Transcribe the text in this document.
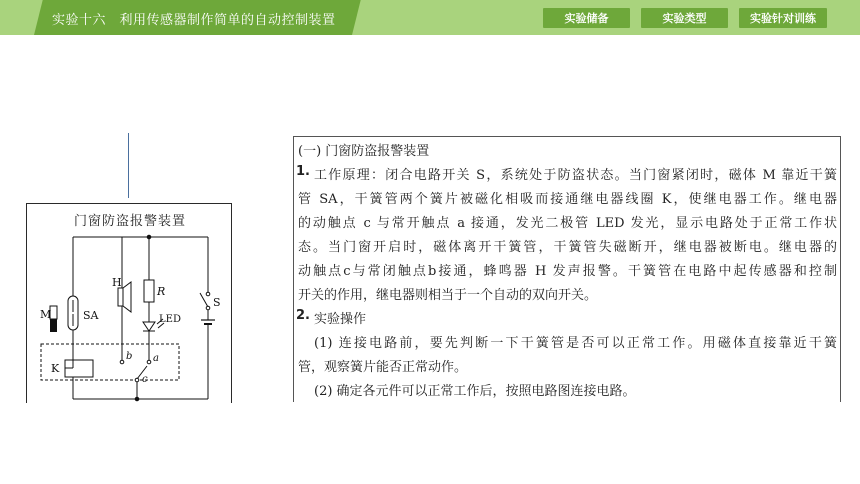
实验十六　利用传感器制作简单的自动控制装置	实验储备	实验类型	实验针对训练
门窗防盗报警装置
M	SA
H
R
LED
S
K
a
b
c
(一) 门窗防盗报警装置
1. 工作原理：闭合电路开关 S，系统处于防盗状态。当门窗紧闭时，磁体 M 靠近干簧
管 SA，干簧管两个簧片被磁化相吸而接通继电器线圈 K，使继电器工作。继电器
的动触点 c 与常开触点 a 接通，发光二极管 LED 发光，显示电路处于正常工作状
态。当门窗开启时，磁体离开干簧管，干簧管失磁断开，继电器被断电。继电器的
动触点c与常闭触点b接通，蜂鸣器 H 发声报警。干簧管在电路中起传感器和控制
开关的作用，继电器则相当于一个自动的双向开关。
2. 实验操作
(1) 连接电路前，要先判断一下干簧管是否可以正常工作。用磁体直接靠近干簧
管，观察簧片能否正常动作。
(2) 确定各元件可以正常工作后，按照电路图连接电路。
